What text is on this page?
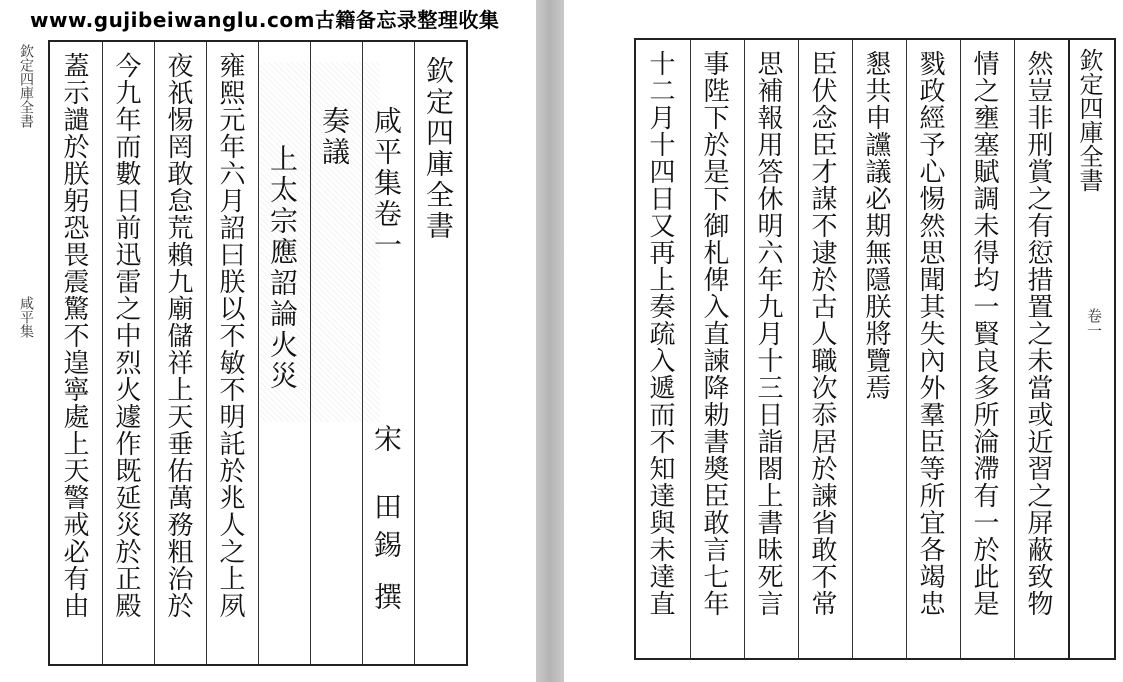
www.gujibeiwanglu.com古籍备忘录整理收集
欽定四庫全書
咸平集
欽定四庫全書
咸平集卷一
奏議
上太宗應詔論火災
雍熙元年六月詔曰朕以不敏不明託於兆人之上夙
夜祇惕罔敢怠荒賴九廟儲祥上天垂佑萬務粗治於
今九年而數日前迅雷之中烈火遽作既延災於正殿
蓋示譴於朕躬恐畏震驚不遑寧處上天警戒必有由	宋
田錫
撰	然豈非刑賞之有愆措置之未當或近習之屏蔽致物
情之壅塞賦調未得均一賢良多所淪滯有一於此是
戮政經予心惕然思聞其失內外羣臣等所宜各竭忠
懇共申讜議必期無隱朕將覽焉
臣伏念臣才謀不逮於古人職次忝居於諫省敢不常
思補報用答休明六年九月十三日詣閤上書昧死言
事陛下於是下御札俾入直諫降勅書奬臣敢言七年
十二月十四日又再上奏疏入遞而不知達與未達直	欽定四庫全書
卷一
